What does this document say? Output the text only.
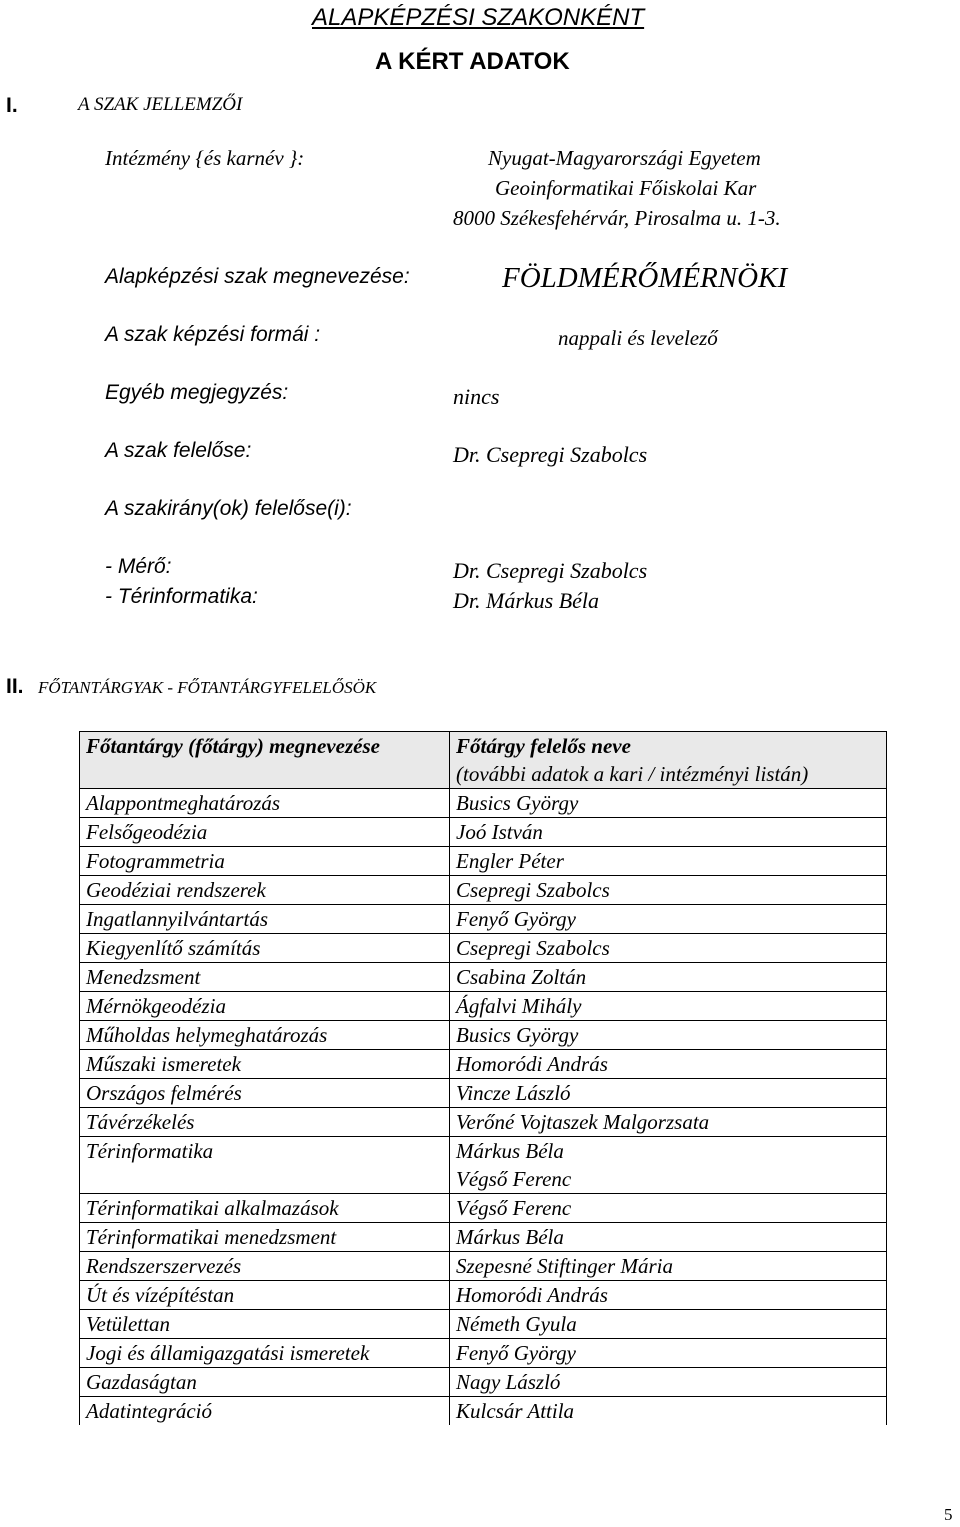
ALAPKÉPZÉSI SZAKONKÉNT
A KÉRT ADATOK
I.	A SZAK JELLEMZŐI
Intézmény {és karnév }:	Nyugat-Magyarországi Egyetem
Geoinformatikai Főiskolai Kar
8000 Székesfehérvár, Pirosalma u. 1-3.
Alapképzési szak megnevezése:	FÖLDMÉRŐMÉRNÖKI
A szak képzési formái :	nappali és levelező
Egyéb megjegyzés:	nincs
A szak felelőse:	Dr. Csepregi Szabolcs
A szakirány(ok) felelőse(i):
- Mérő:	Dr. Csepregi Szabolcs
- Térinformatika:	Dr. Márkus Béla
II. FŐTANTÁRGYAK - FŐTANTÁRGYFELELŐSÖK
Főtantárgy (főtárgy) megnevezése	Főtárgy felelős neve
	(további adatok a kari / intézményi listán)
Alappontmeghatározás	Busics György
Felsőgeodézia	Joó István
Fotogrammetria	Engler Péter
Geodéziai rendszerek	Csepregi Szabolcs
Ingatlannyilvántartás	Fenyő György
Kiegyenlítő számítás	Csepregi Szabolcs
Menedzsment	Csabina Zoltán
Mérnökgeodézia	Ágfalvi Mihály
Műholdas helymeghatározás	Busics György
Műszaki ismeretek	Homoródi András
Országos felmérés	Vincze László
Távérzékelés	Verőné Vojtaszek Malgorzsata
Térinformatika	Márkus Béla
	Végső Ferenc
Térinformatikai alkalmazások	Végső Ferenc
Térinformatikai menedzsment	Márkus Béla
Rendszerszervezés	Szepesné Stiftinger Mária
Út és vízépítéstan	Homoródi András
Vetülettan	Németh Gyula
Jogi és államigazgatási ismeretek	Fenyő György
Gazdaságtan	Nagy László
Adatintegráció	Kulcsár Attila
5
